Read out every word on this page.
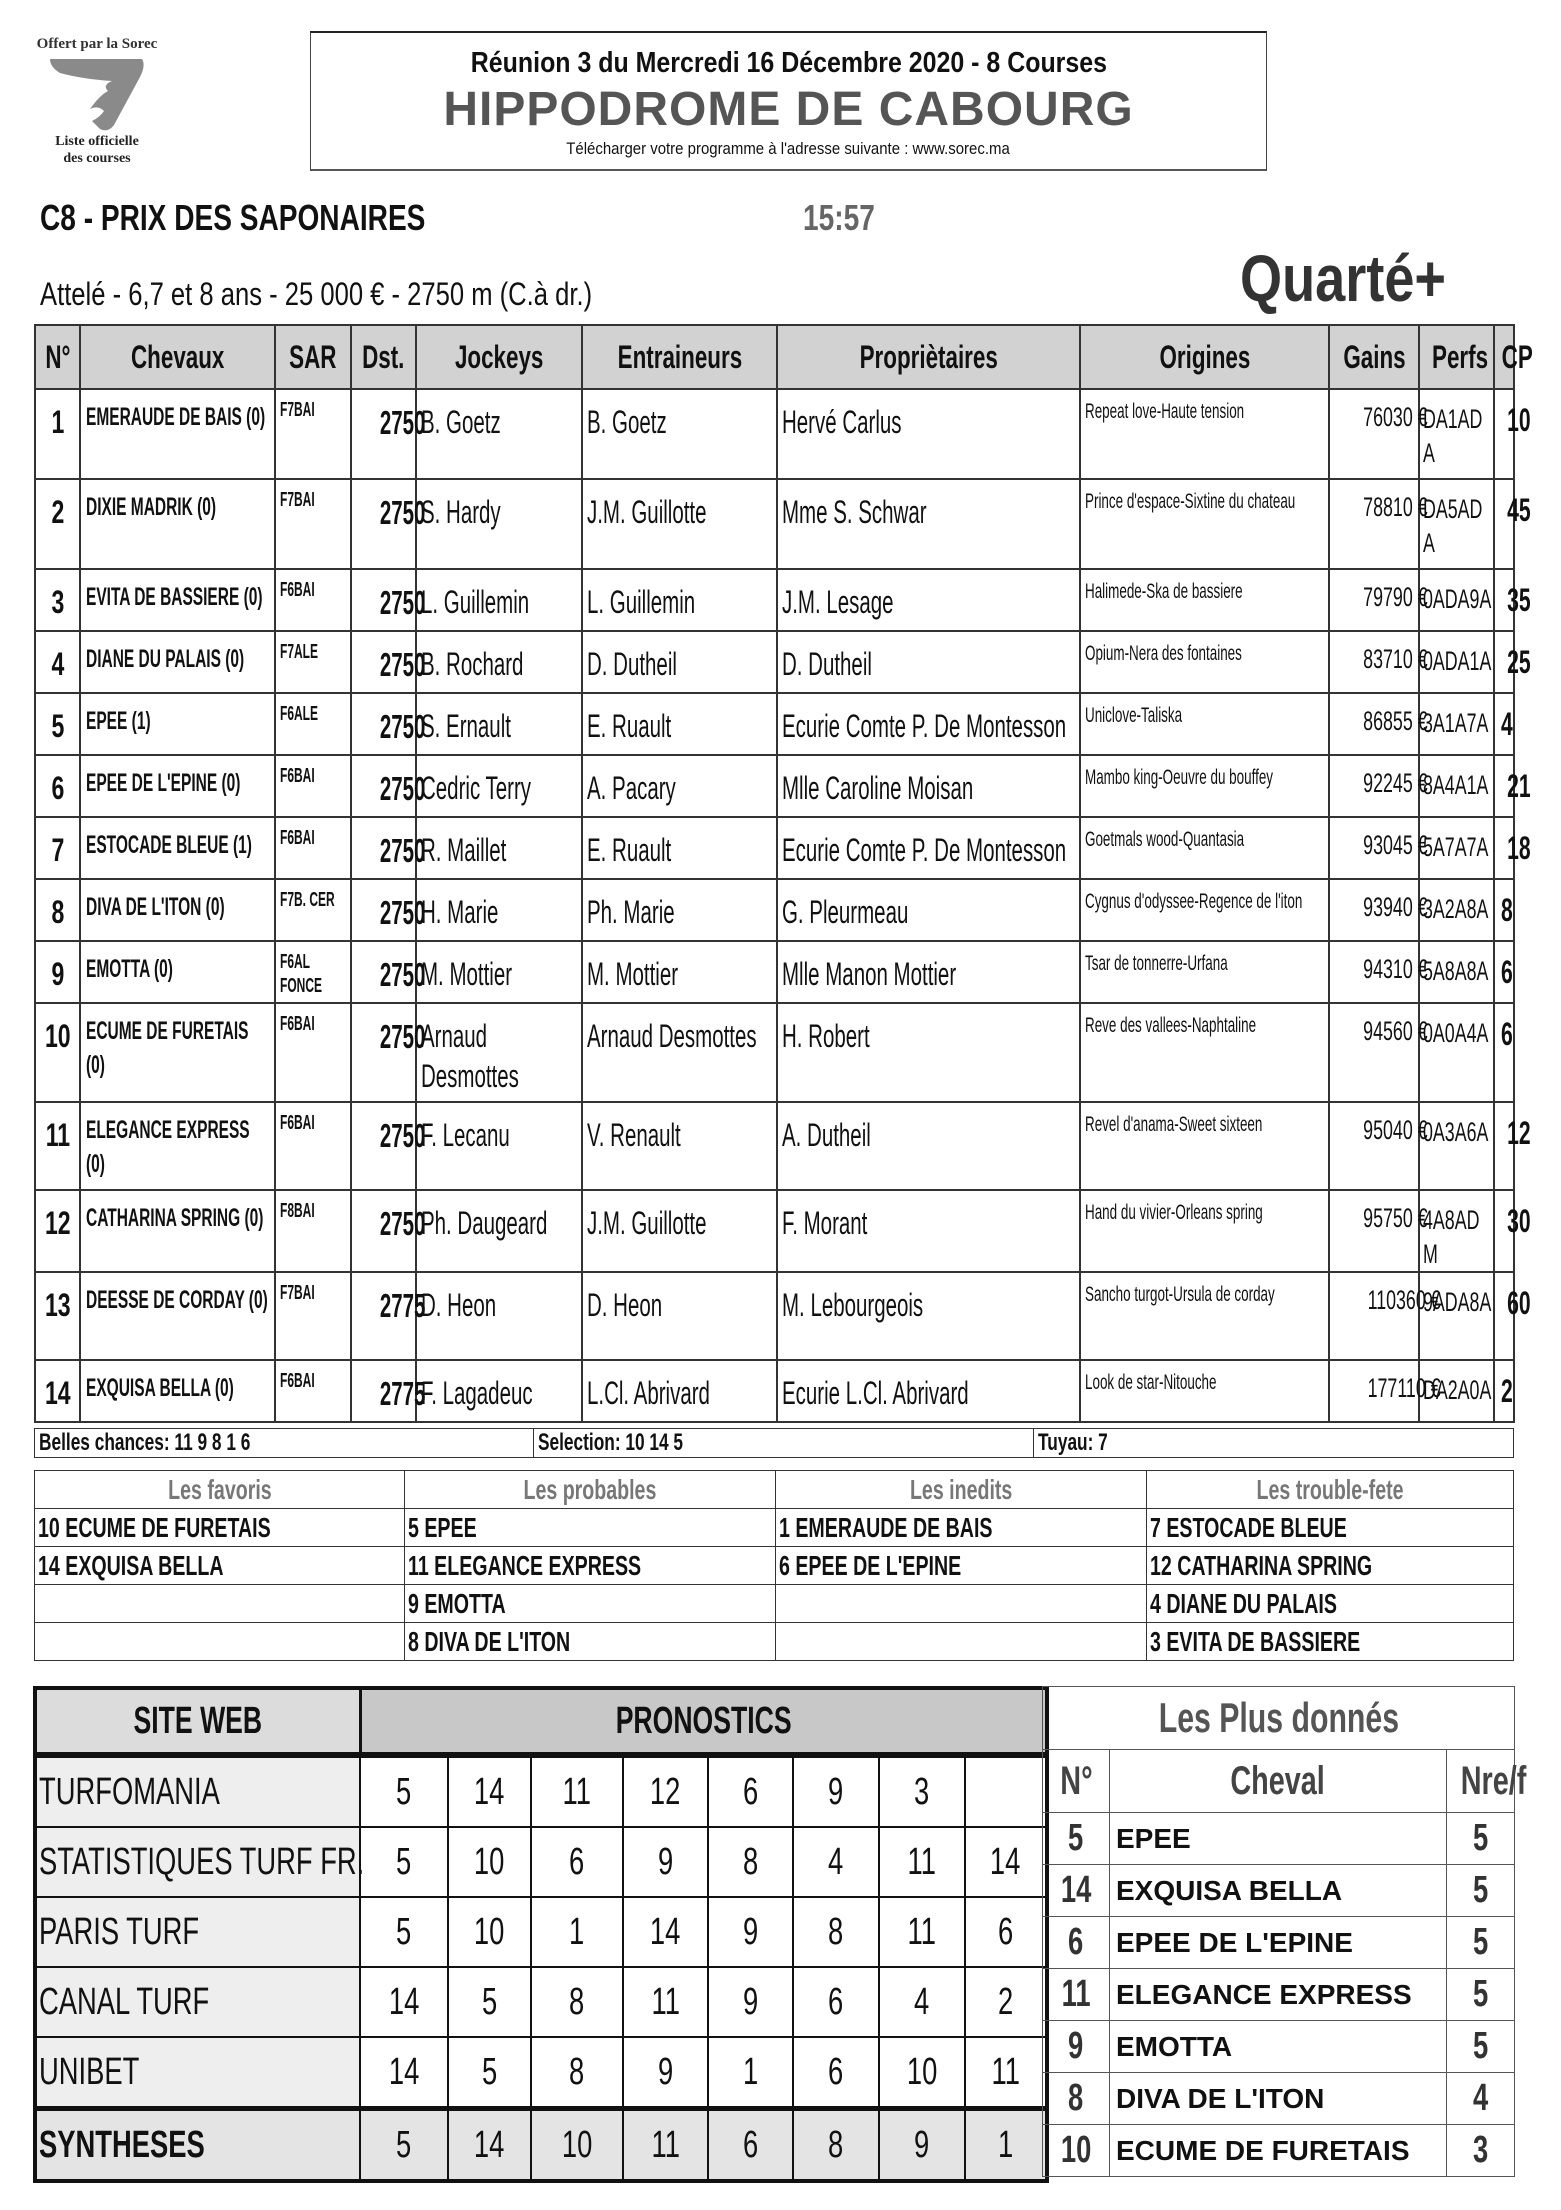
Offert par la Sorec
Liste officielle
des courses
Réunion 3 du Mercredi 16 Décembre 2020 - 8 Courses
HIPPODROME DE CABOURG
Télécharger votre programme à l'adresse suivante : www.sorec.ma
C8 - PRIX DES SAPONAIRES	15:57
Attelé - 6,7 et 8 ans - 25 000 € - 2750 m (C.à dr.)	Quarté+
N°	Chevaux	SAR	Dst.	Jockeys	Entraineurs	Propriètaires	Origines	Gains	Perfs	CP
1	EMERAUDE DE BAIS (0)	F7BAI	2750	B. Goetz	B. Goetz	Hervé Carlus	Repeat love-Haute tension	76030 €	DA1ADA	10
2	DIXIE MADRIK (0)	F7BAI	2750	S. Hardy	J.M. Guillotte	Mme S. Schwar	Prince d'espace-Sixtine du chateau	78810 €	DA5ADA	45
3	EVITA DE BASSIERE (0)	F6BAI	2750	L. Guillemin	L. Guillemin	J.M. Lesage	Halimede-Ska de bassiere	79790 €	0ADA9A	35
4	DIANE DU PALAIS (0)	F7ALE	2750	B. Rochard	D. Dutheil	D. Dutheil	Opium-Nera des fontaines	83710 €	0ADA1A	25
5	EPEE (1)	F6ALE	2750	S. Ernault	E. Ruault	Ecurie Comte P. De Montesson	Uniclove-Taliska	86855 €	3A1A7A	4
6	EPEE DE L'EPINE (0)	F6BAI	2750	Cedric Terry	A. Pacary	Mlle Caroline Moisan	Mambo king-Oeuvre du bouffey	92245 €	8A4A1A	21
7	ESTOCADE BLEUE (1)	F6BAI	2750	R. Maillet	E. Ruault	Ecurie Comte P. De Montesson	Goetmals wood-Quantasia	93045 €	5A7A7A	18
8	DIVA DE L'ITON (0)	F7B. CER	2750	H. Marie	Ph. Marie	G. Pleurmeau	Cygnus d'odyssee-Regence de l'iton	93940 €	3A2A8A	8
9	EMOTTA (0)	F6AL FONCE	2750	M. Mottier	M. Mottier	Mlle Manon Mottier	Tsar de tonnerre-Urfana	94310 €	5A8A8A	6
10	ECUME DE FURETAIS (0)	F6BAI	2750	Arnaud Desmottes	Arnaud Desmottes	H. Robert	Reve des vallees-Naphtaline	94560 €	0A0A4A	6
11	ELEGANCE EXPRESS (0)	F6BAI	2750	F. Lecanu	V. Renault	A. Dutheil	Revel d'anama-Sweet sixteen	95040 €	0A3A6A	12
12	CATHARINA SPRING (0)	F8BAI	2750	Ph. Daugeard	J.M. Guillotte	F. Morant	Hand du vivier-Orleans spring	95750 €	4A8ADM	30
13	DEESSE DE CORDAY (0)	F7BAI	2775	D. Heon	D. Heon	M. Lebourgeois	Sancho turgot-Ursula de corday	110360 €	9ADA8A	60
14	EXQUISA BELLA (0)	F6BAI	2775	F. Lagadeuc	L.Cl. Abrivard	Ecurie L.Cl. Abrivard	Look de star-Nitouche	177110 €	DA2A0A	2
Belles chances: 11 9 8 1 6	Selection: 10 14 5	Tuyau: 7
Les favoris	Les probables	Les inedits	Les trouble-fete
10 ECUME DE FURETAIS	5 EPEE	1 EMERAUDE DE BAIS	7 ESTOCADE BLEUE
14 EXQUISA BELLA	11 ELEGANCE EXPRESS	6 EPEE DE L'EPINE	12 CATHARINA SPRING
	9 EMOTTA		4 DIANE DU PALAIS
	8 DIVA DE L'ITON		3 EVITA DE BASSIERE
SITE WEB	PRONOSTICS							
TURFOMANIA	5	14	11	12	6	9	3	
STATISTIQUES TURF FR.	5	10	6	9	8	4	11	14
PARIS TURF	5	10	1	14	9	8	11	6
CANAL TURF	14	5	8	11	9	6	4	2
UNIBET	14	5	8	9	1	6	10	11
SYNTHESES	5	14	10	11	6	8	9	1
Les Plus donnés		
N°	Cheval	Nre/f
5	EPEE	5
14	EXQUISA BELLA	5
6	EPEE DE L'EPINE	5
11	ELEGANCE EXPRESS	5
9	EMOTTA	5
8	DIVA DE L'ITON	4
10	ECUME DE FURETAIS	3
